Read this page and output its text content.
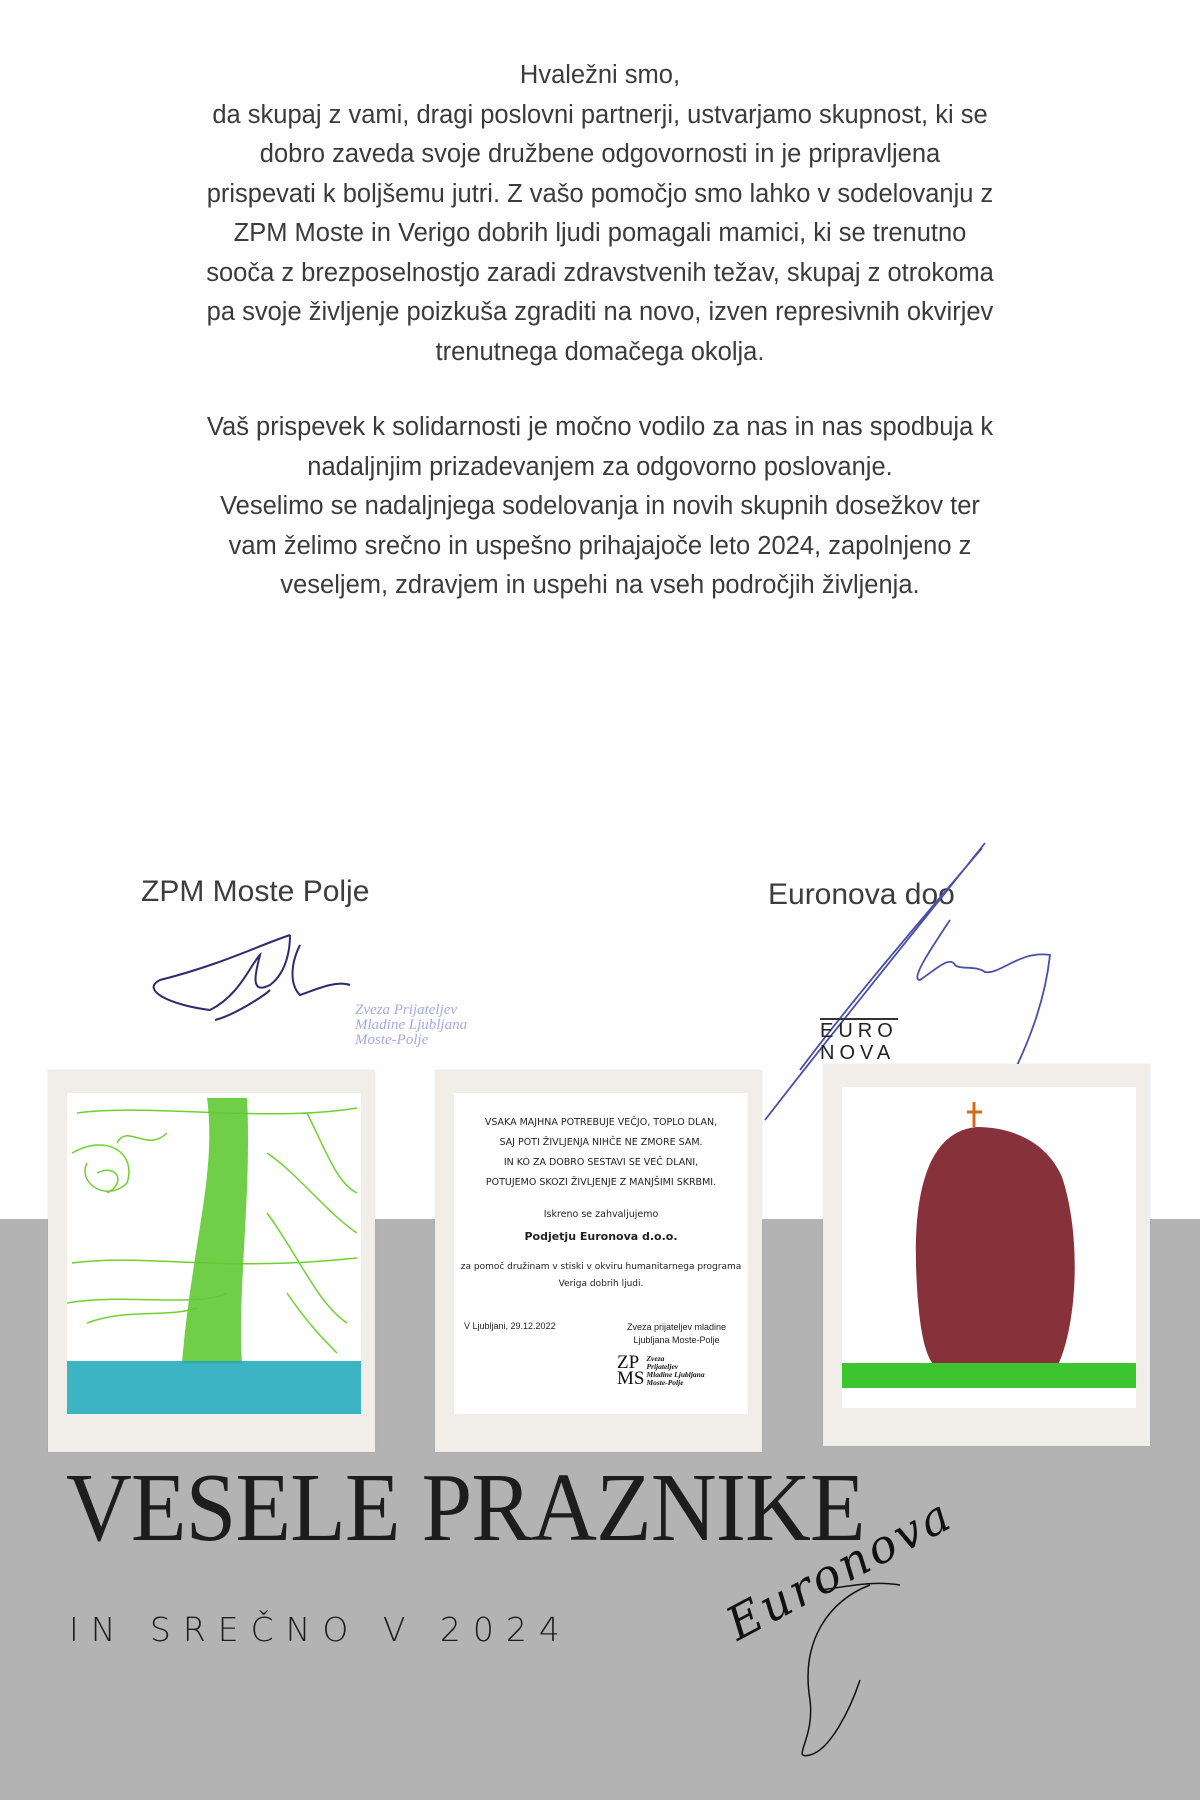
Hvaležni smo,
da skupaj z vami, dragi poslovni partnerji, ustvarjamo skupnost, ki se
dobro zaveda svoje družbene odgovornosti in je pripravljena
prispevati k boljšemu jutri. Z vašo pomočjo smo lahko v sodelovanju z
ZPM Moste in Verigo dobrih ljudi pomagali mamici, ki se trenutno
sooča z brezposelnostjo zaradi zdravstvenih težav, skupaj z otrokoma
pa svoje življenje poizkuša zgraditi na novo, izven represivnih okvirjev
trenutnega domačega okolja.
Vaš prispevek k solidarnosti je močno vodilo za nas in nas spodbuja k
nadaljnjim prizadevanjem za odgovorno poslovanje.
Veselimo se nadaljnjega sodelovanja in novih skupnih dosežkov ter
vam želimo srečno in uspešno prihajajoče leto 2024, zapolnjeno z
veseljem, zdravjem in uspehi na vseh področjih življenja.
ZPM Moste Polje	Euronova doo
Zveza Prijateljev Mladine Ljubljana Moste-Polje	EURO
NOVA
VSAKA MAJHNA POTREBUJE VEČJO, TOPLO DLAN,
SAJ POTI ŽIVLJENJA NIHČE NE ZMORE SAM.
IN KO ZA DOBRO SESTAVI SE VEČ DLANI,
POTUJEMO SKOZI ŽIVLJENJE Z MANJŠIMI SKRBMI.
Iskreno se zahvaljujemo
Podjetju Euronova d.o.o.
za pomoč družinam v stiski v okviru humanitarnega programa
Veriga dobrih ljudi.
V Ljubljani, 29.12.2022	Zveza prijateljev mladine
Ljubljana Moste-Polje
ZP
MS
Zveza
Prijateljev
Mladine Ljubljana
Moste-Polje
VESELE PRAZNIKE
IN SREČNO V 2024	Euronova
